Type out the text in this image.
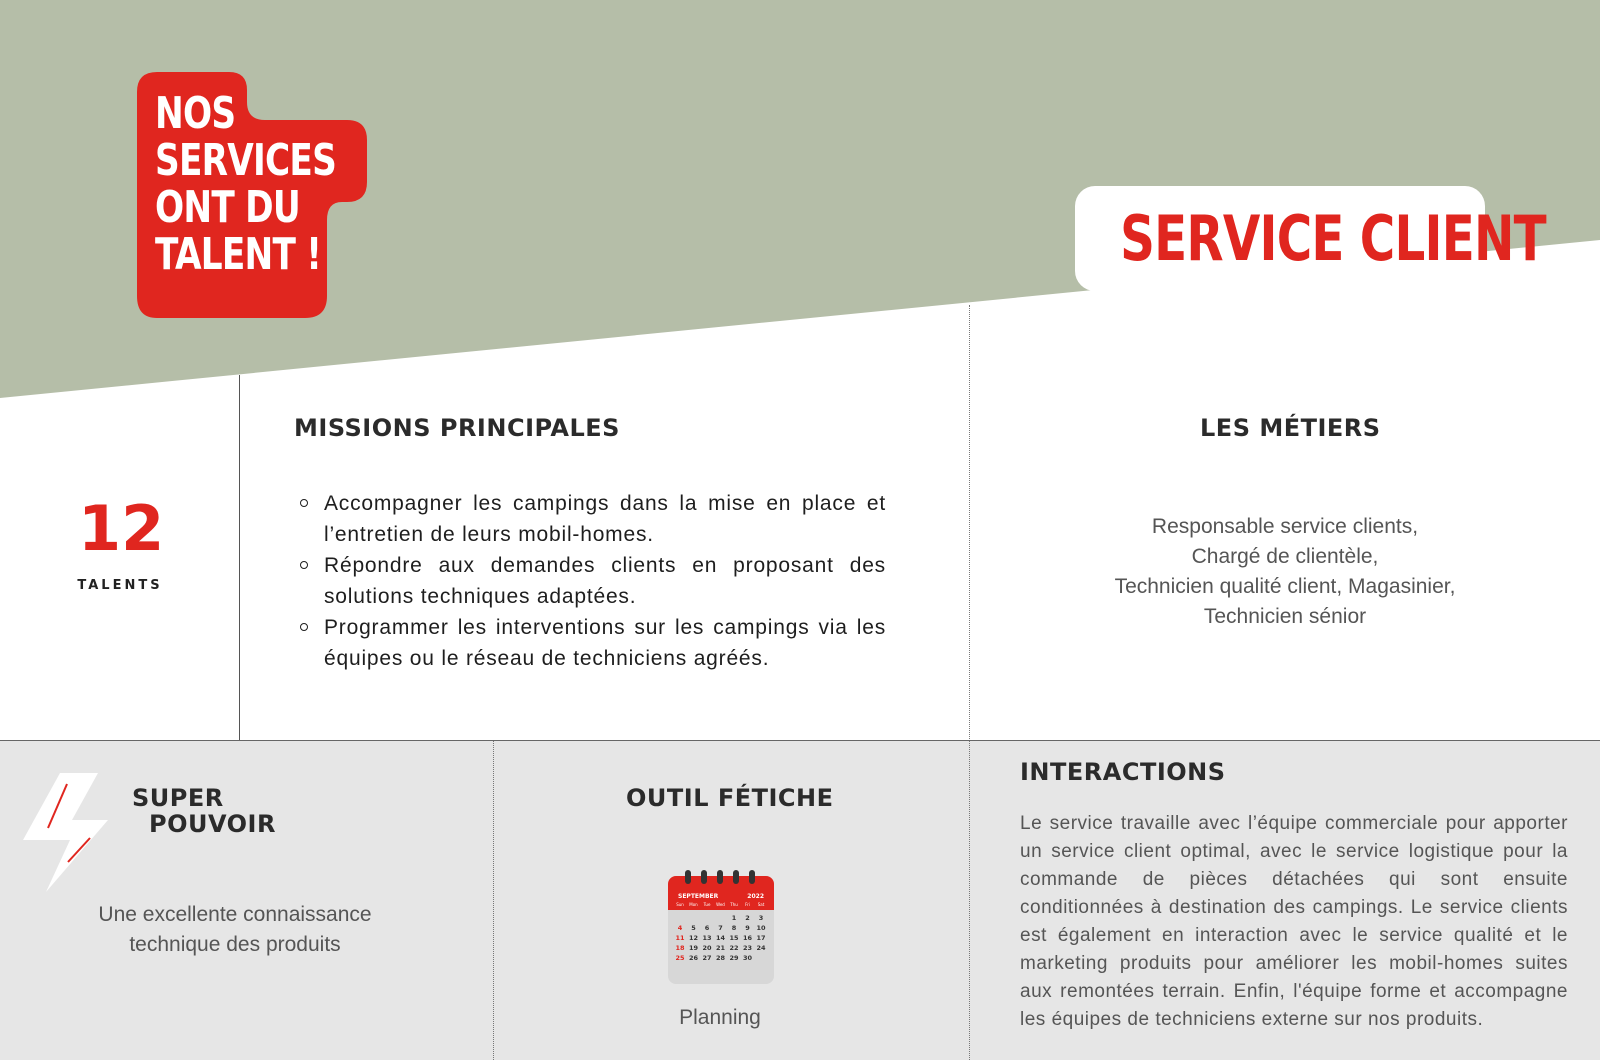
NOS
SERVICES
ONT DU
TALENT !	SERVICE CLIENT
12
TALENTS
MISSIONS PRINCIPALES
Accompagner les campings dans la mise en place et l’entretien de leurs mobil-homes.
Répondre aux demandes clients en proposant des solutions techniques adaptées.
Programmer les interventions sur les campings via les équipes ou le réseau de techniciens agréés.
LES MÉTIERS
Responsable service clients,
Chargé de clientèle,
Technicien qualité client, Magasinier,
Technicien sénior
SUPER
POUVOIR
Une excellente connaissance
technique des produits
OUTIL FÉTICHE
SEPTEMBER	2022
Sun Mon Tue Wed Thu Fri Sat
1 2 3
4 5 6 7 8 9 10
11 12 13 14 15 16 17
18 19 20 21 22 23 24
25 26 27 28 29 30
Planning
INTERACTIONS

Le service travaille avec l’équipe commerciale pour apporter un service client optimal, avec le service logistique pour la commande de pièces détachées qui sont ensuite conditionnées à destination des campings. Le service clients est également en interaction avec le service qualité et le marketing produits pour améliorer les mobil-homes suites aux remontées terrain. Enfin, l'équipe forme et accompagne les équipes de techniciens externe sur nos produits.
